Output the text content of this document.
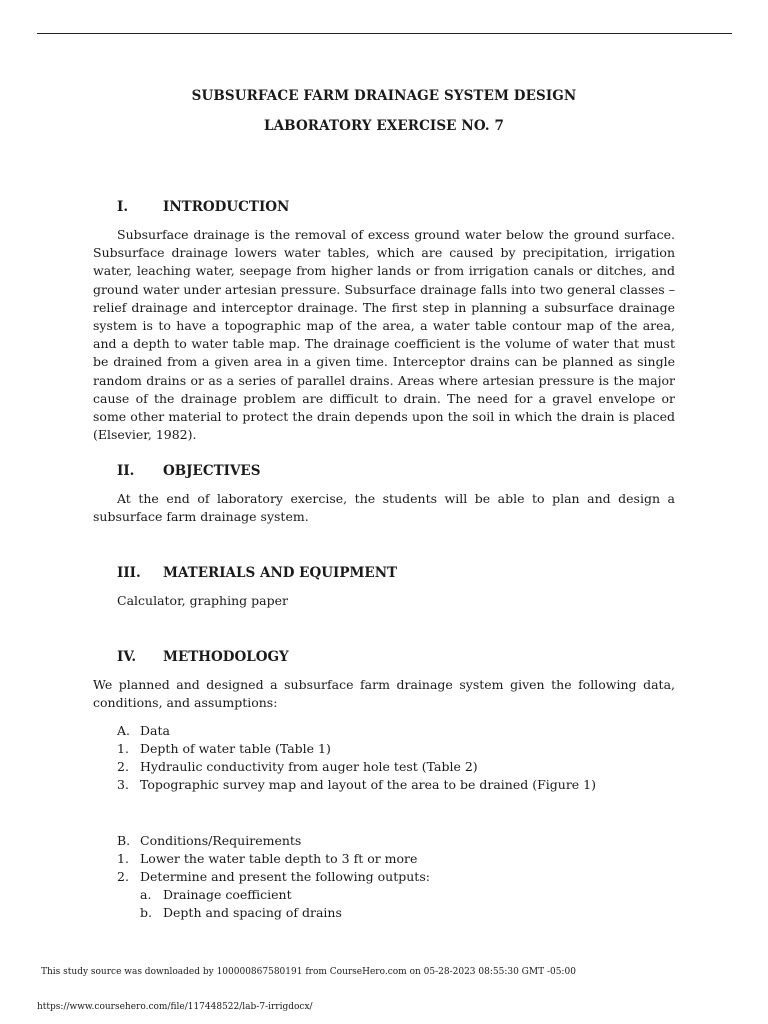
SUBSURFACE FARM DRAINAGE SYSTEM DESIGN
LABORATORY EXERCISE NO. 7
I.	INTRODUCTION

Subsurface drainage is the removal of excess ground water below the ground surface. Subsurface drainage lowers water tables, which are caused by precipitation, irrigation water, leaching water, seepage from higher lands or from irrigation canals or ditches, and ground water under artesian pressure. Subsurface drainage falls into two general classes – relief drainage and interceptor drainage. The first step in planning a subsurface drainage system is to have a topographic map of the area, a water table contour map of the area, and a depth to water table map. The drainage coefficient is the volume of water that must be drained from a given area in a given time. Interceptor drains can be planned as single random drains or as a series of parallel drains. Areas where artesian pressure is the major cause of the drainage problem are difficult to drain. The need for a gravel envelope or some other material to protect the drain depends upon the soil in which the drain is placed (Elsevier, 1982).

II. OBJECTIVES

At the end of laboratory exercise, the students will be able to plan and design a subsurface farm drainage system.

III. MATERIALS AND EQUIPMENT

Calculator, graphing paper

IV. METHODOLOGY

We planned and designed a subsurface farm drainage system given the following data, conditions, and assumptions:

A. Data
1. Depth of water table (Table 1)
2. Hydraulic conductivity from auger hole test (Table 2)
3. Topographic survey map and layout of the area to be drained (Figure 1)
B. Conditions/Requirements
1. Lower the water table depth to 3 ft or more
2. Determine and present the following outputs:
a. Drainage coefficient
b. Depth and spacing of drains
This study source was downloaded by 100000867580191 from CourseHero.com on 05-28-2023 08:55:30 GMT -05:00
https://www.coursehero.com/file/117448522/lab-7-irrigdocx/
